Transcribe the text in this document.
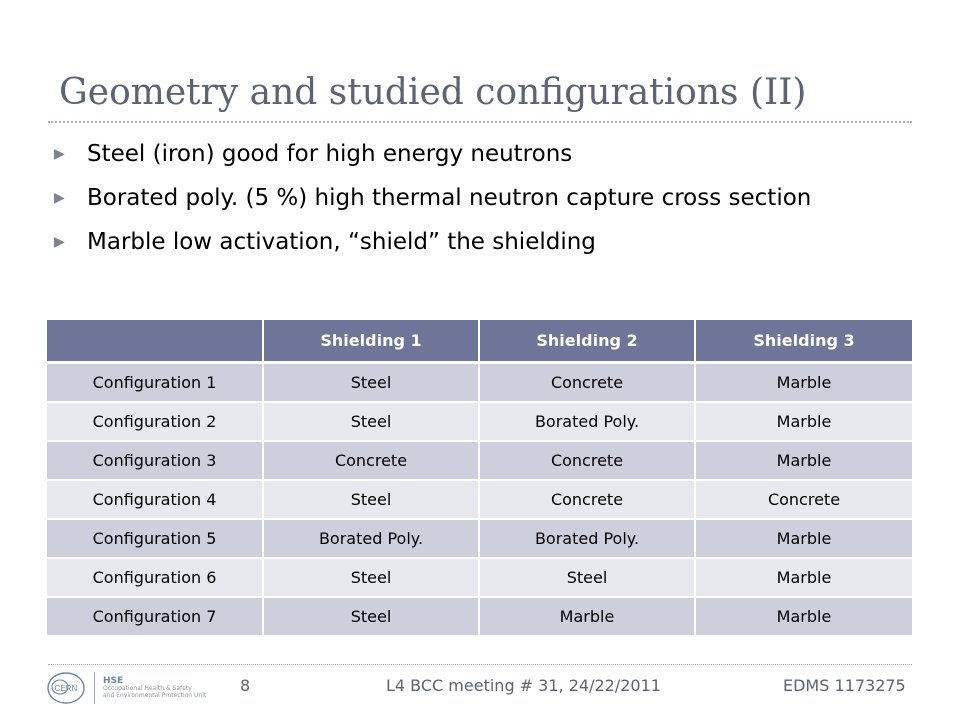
Geometry and studied configurations (II)
▶ Steel (iron) good for high energy neutrons
▶ Borated poly. (5 %) high thermal neutron capture cross section
▶ Marble low activation, “shield” the shielding
	Shielding 1	Shielding 2	Shielding 3
Configuration 1	Steel	Concrete	Marble
Configuration 2	Steel	Borated Poly.	Marble
Configuration 3	Concrete	Concrete	Marble
Configuration 4	Steel	Concrete	Concrete
Configuration 5	Borated Poly.	Borated Poly.	Marble
Configuration 6	Steel	Steel	Marble
Configuration 7	Steel	Marble	Marble
CERN
HSE
Occupational Health & Safety
and Environmental Protection Unit
8	L4 BCC meeting # 31, 24/22/2011	EDMS 1173275
